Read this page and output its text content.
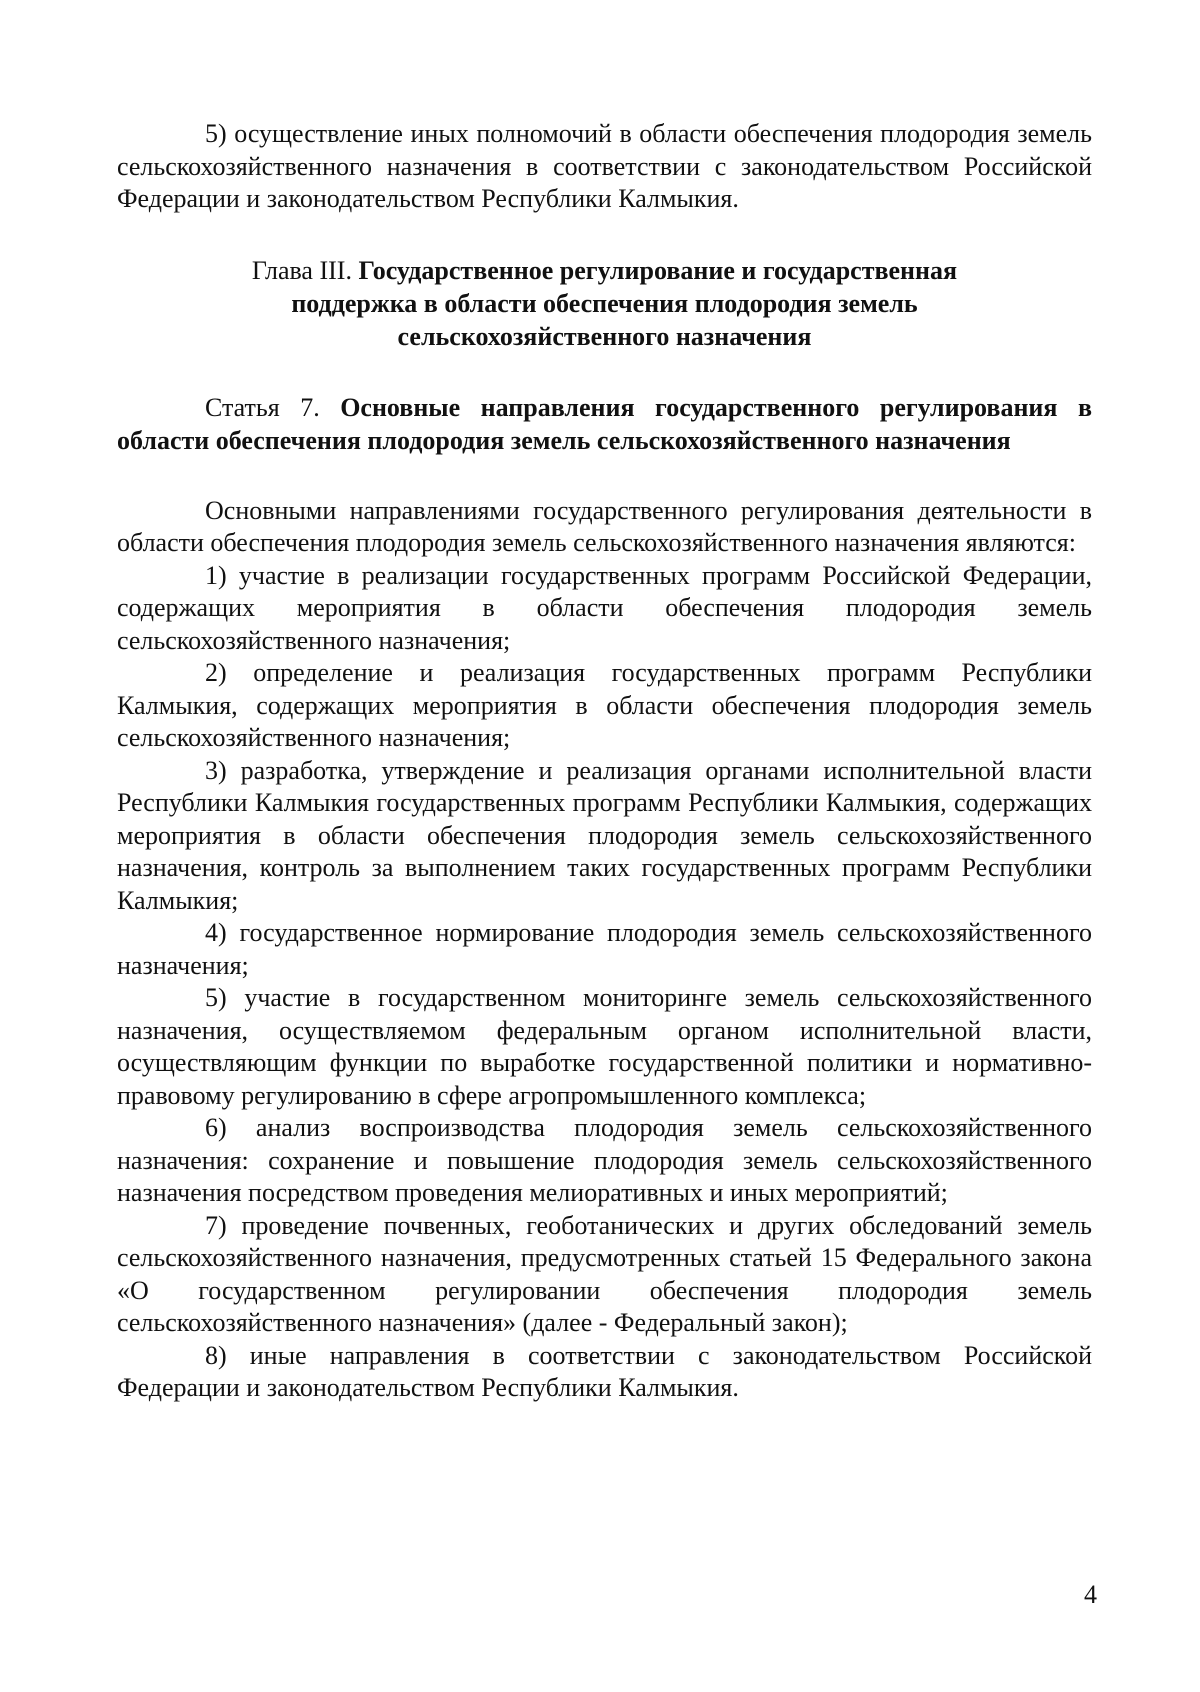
5) осуществление иных полномочий в области обеспечения плодородия земель сельскохозяйственного назначения в соответствии с законодательством Российской Федерации и законодательством Республики Калмыкия.

Глава III. Государственное регулирование и государственная
поддержка в области обеспечения плодородия земель
сельскохозяйственного назначения

Статья 7. Основные направления государственного регулирования в области обеспечения плодородия земель сельскохозяйственного назначения

Основными направлениями государственного регулирования деятельности в области обеспечения плодородия земель сельскохозяйственного назначения являются:

1) участие в реализации государственных программ Российской Федерации, содержащих мероприятия в области обеспечения плодородия земель сельскохозяйственного назначения;

2) определение и реализация государственных программ Республики Калмыкия, содержащих мероприятия в области обеспечения плодородия земель сельскохозяйственного назначения;

3) разработка, утверждение и реализация органами исполнительной власти Республики Калмыкия государственных программ Республики Калмыкия, содержащих мероприятия в области обеспечения плодородия земель сельскохозяйственного назначения, контроль за выполнением таких государственных программ Республики Калмыкия;

4) государственное нормирование плодородия земель сельскохозяйственного назначения;

5) участие в государственном мониторинге земель сельскохозяйственного назначения, осуществляемом федеральным органом исполнительной власти, осуществляющим функции по выработке государственной политики и нормативно-правовому регулированию в сфере агропромышленного комплекса;

6) анализ воспроизводства плодородия земель сельскохозяйственного назначения: сохранение и повышение плодородия земель сельскохозяйственного назначения посредством проведения мелиоративных и иных мероприятий;

7) проведение почвенных, геоботанических и других обследований земель сельскохозяйственного назначения, предусмотренных статьей 15 Федерального закона «О государственном регулировании обеспечения плодородия земель сельскохозяйственного назначения» (далее - Федеральный закон);

8) иные направления в соответствии с законодательством Российской Федерации и законодательством Республики Калмыкия.

4
